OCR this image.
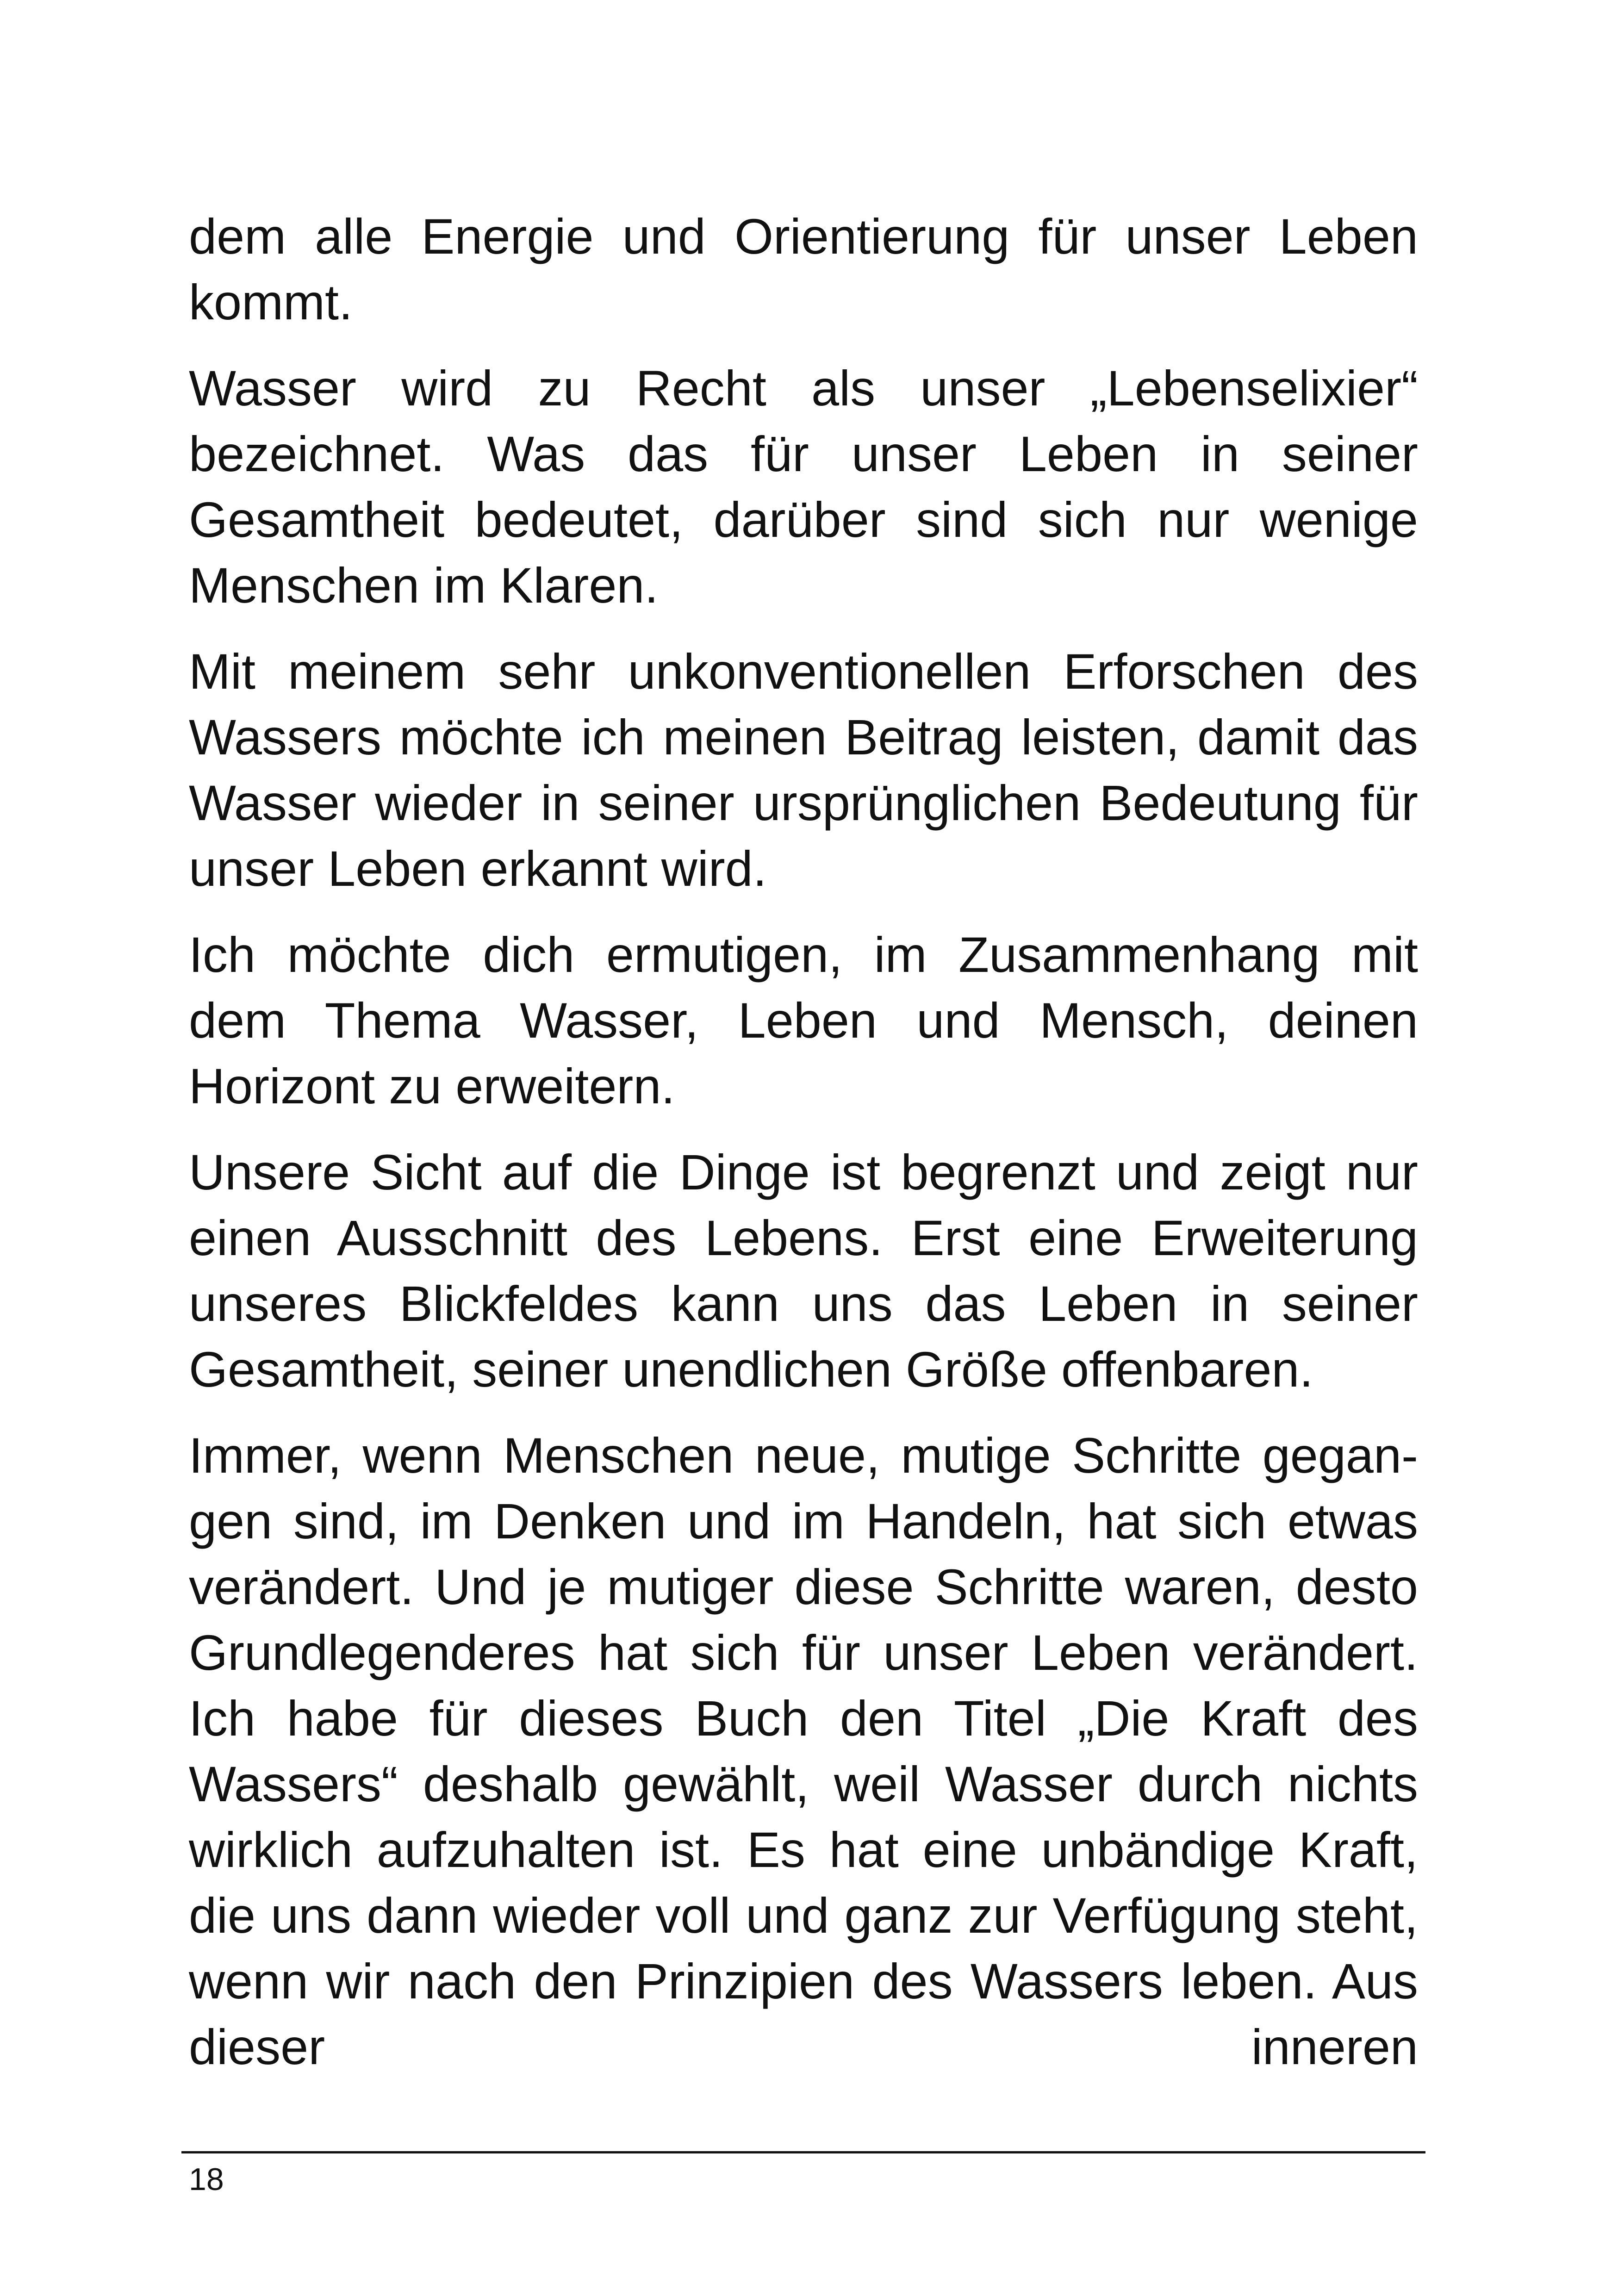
dem alle Energie und Orientierung für unser Leben kommt.

Wasser wird zu Recht als unser „Lebenselixier“ bezeichnet. Was das für unser Leben in seiner Gesamtheit bedeutet, darüber sind sich nur wenige Menschen im Klaren.

Mit meinem sehr unkonventionellen Erforschen des Wassers möchte ich meinen Beitrag leisten, damit das Wasser wieder in seiner ursprünglichen Bedeutung für unser Leben erkannt wird.

Ich möchte dich ermutigen, im Zusammenhang mit dem Thema Wasser, Leben und Mensch, deinen Horizont zu erweitern.

Unsere Sicht auf die Dinge ist begrenzt und zeigt nur einen Ausschnitt des Lebens. Erst eine Erweiterung unseres Blickfeldes kann uns das Leben in seiner Gesamtheit, seiner unendlichen Größe offenbaren.

Immer, wenn Menschen neue, mutige Schritte gegangen sind, im Denken und im Handeln, hat sich etwas verändert. Und je mutiger diese Schritte waren, desto Grundlegenderes hat sich für unser Leben verändert. Ich habe für dieses Buch den Titel „Die Kraft des Wassers“ deshalb gewählt, weil Wasser durch nichts wirklich aufzuhalten ist. Es hat eine unbändige Kraft, die uns dann wieder voll und ganz zur Verfügung steht, wenn wir nach den Prinzipien des Wassers leben. Aus dieser inneren

18
